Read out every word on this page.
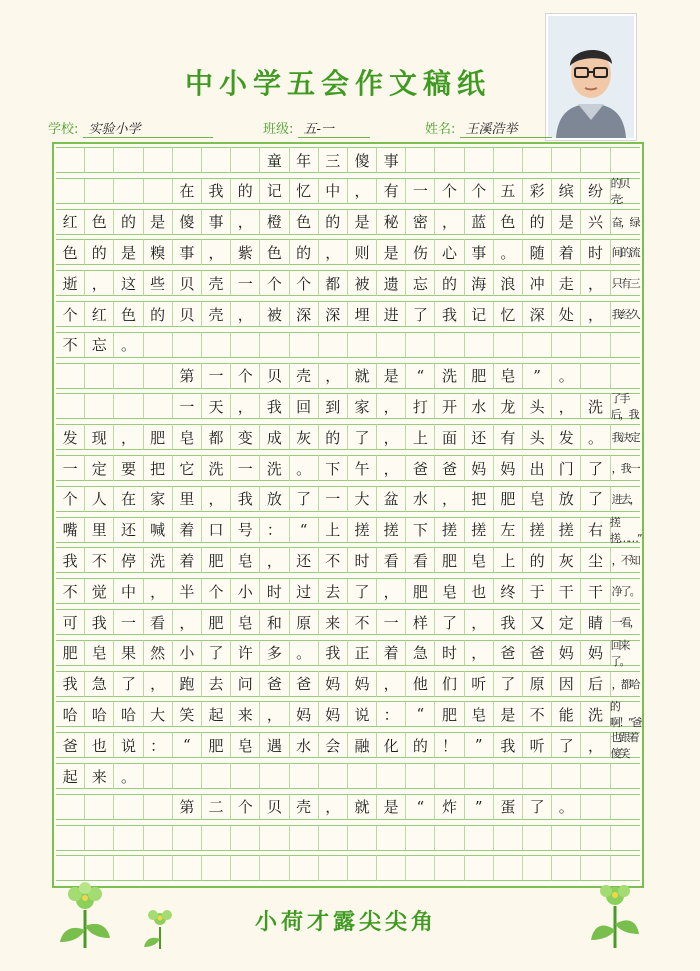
中小学五会作文稿纸
学校: 实验小学	班级: 五-一	姓名: 王溪浩举
童 年 三 傻 事
在 我 的 记 忆 中 ， 有 一 个 个 五 彩 缤 纷 的贝壳：
红 色 的 是 傻 事 ， 橙 色 的 是 秘 密 ， 蓝 色 的 是 兴 奋，绿
色 的 是 糗 事 ， 紫 色 的 ， 则 是 伤 心 事 。 随 着 时 间的流
逝 ， 这 些 贝 壳 一 个 个 都 被 遗 忘 的 海 浪 冲 走 ， 只有三
个 红 色 的 贝 壳 ， 被 深 深 埋 进 了 我 记 忆 深 处 ， 我经久
不 忘 。
第 一 个 贝 壳 ， 就 是	“	洗 肥 皂	”	。
一 天 ， 我 回 到 家 ， 打 开 水 龙 头 ， 洗 了手后，我
发 现 ， 肥 皂 都 变 成 灰 的 了 ， 上 面 还 有 头 发 。 我决定
一 定 要 把 它 洗 一 洗 。 下 午 ， 爸 爸 妈 妈 出 门 了 ，我一
个 人 在 家 里 ， 我 放 了 一 大 盆 水 ， 把 肥 皂 放 了 进去，
嘴 里 还 喊 着 口 号 ：	“	上 搓 搓 下 搓 搓 左 搓 搓 右 搓搓……”
我 不 停 洗 着 肥 皂 ， 还 不 时 看 看 肥 皂 上 的 灰 尘 ，不知
不 觉 中 ， 半 个 小 时 过 去 了 ， 肥 皂 也 终 于 干 干 净了。
可 我 一 看 ， 肥 皂 和 原 来 不 一 样 了 ， 我 又 定 睛 一看，
肥 皂 果 然 小 了 许 多 。 我 正 着 急 时 ， 爸 爸 妈 妈 回来了。
我 急 了 ， 跑 去 问 爸 爸 妈 妈 ， 他 们 听 了 原 因 后 ，都哈
哈 哈 哈 大 笑 起 来 ， 妈 妈 说 ：	“	肥 皂 是 不 能 洗 的啊！”爸
爸 也 说 ：	“	肥 皂 遇 水 会 融 化 的 ！	”	我 听 了 ， 也跟着傻笑
起 来 。
第 二 个 贝 壳 ， 就 是	“	炸	”	蛋 了 。
小荷才露尖尖角
